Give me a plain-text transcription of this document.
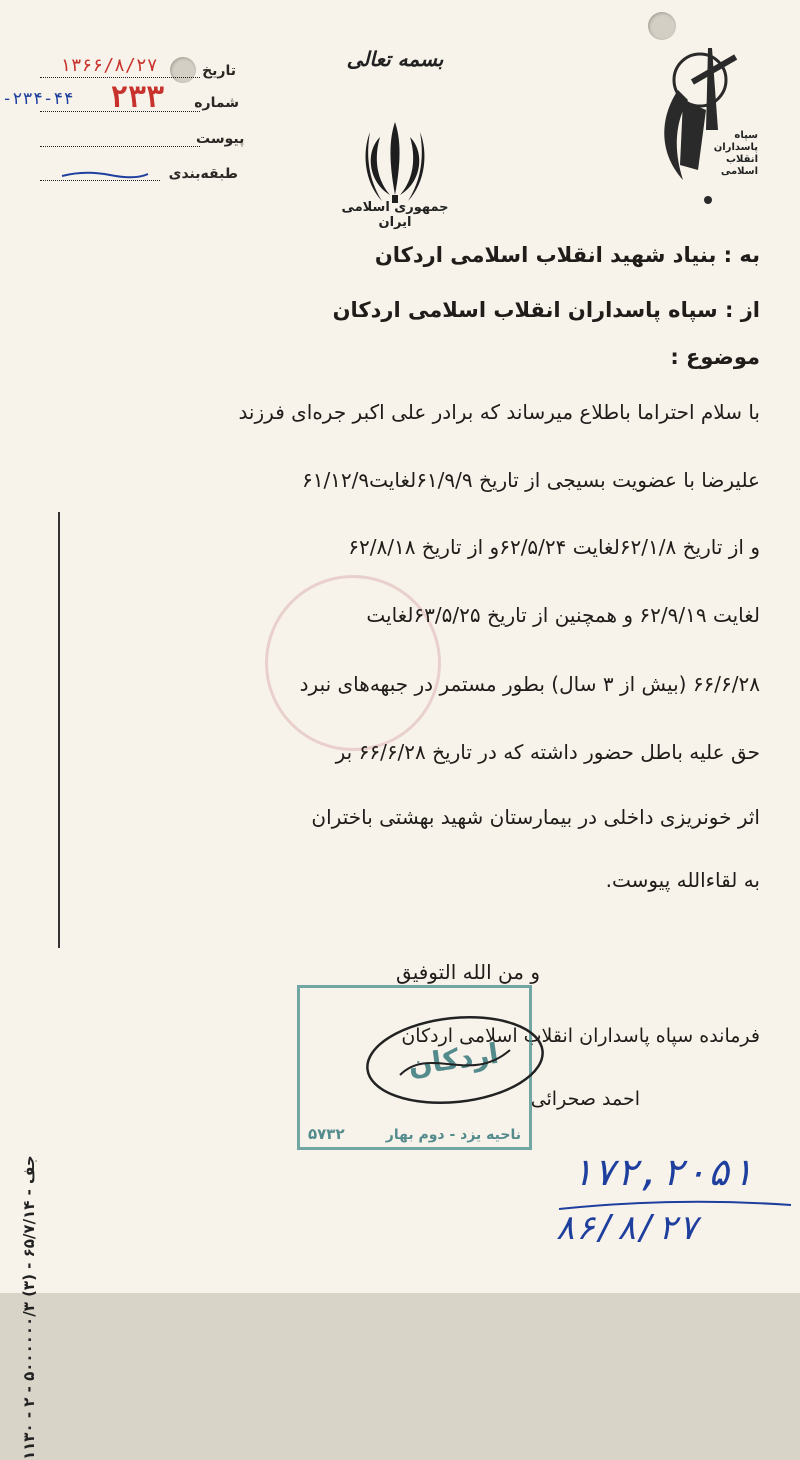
تاریخ
۱۳۶۶/۸/۲۷
شماره
-۲۳۴-۴۴ ۲۳۳
پیوست
طبقه‌بندی
بسمه تعالی
جمهوری اسلامی ایران
سپاه
پاسداران
انقلاب
اسلامی
به : بنیاد شهید انقلاب اسلامی اردکان
از : سپاه پاسداران انقلاب اسلامی اردکان
موضوع :
با سلام احتراما باطلاع میرساند که برادر علی اکبر جره‌ای فرزند
علیرضا با عضویت بسیجی از تاریخ ۶۱/۹/۹لغایت۶۱/۱۲/۹
و از تاریخ ۶۲/۱/۸لغایت ۶۲/۵/۲۴و از تاریخ ۶۲/۸/۱۸
لغایت ۶۲/۹/۱۹ و همچنین از تاریخ ۶۳/۵/۲۵لغایت
۶۶/۶/۲۸ (بیش از ۳ سال) بطور مستمر در جبهه‌های نبرد
حق علیه باطل حضور داشته که در تاریخ ۶۶/۶/۲۸ بر
اثر خونریزی داخلی در بیمارستان شهید بهشتی باختران
به لقاءالله پیوست.
و من الله التوفیق
فرمانده سپاه پاسداران انقلاب اسلامی اردکان
احمد صحرائی
اردکان
ناحیه یزد - دوم بهار
۵۷۳۲
۱۱۳۰ - ۲ - جف - ۶۵/۷/۱۴ - (۳) ۵۰۰۰۰۰۰/۳	۱۷۲,۲۰۵۱
۸۶/۸/۲۷
